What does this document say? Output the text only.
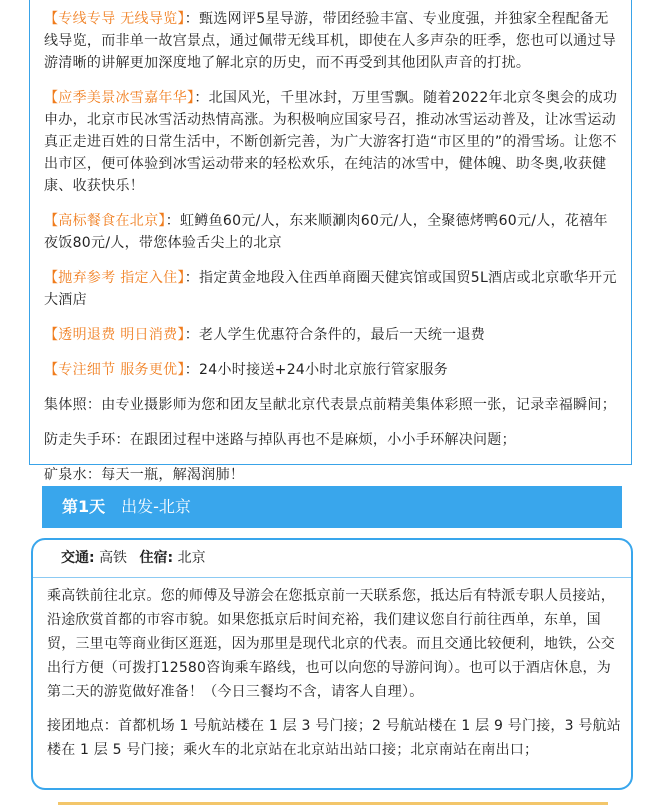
【专线专导 无线导览】：甄选网评5星导游，带团经验丰富、专业度强，并独家全程配备无线导览，而非单一故宫景点，通过佩带无线耳机，即使在人多声杂的旺季，您也可以通过导游清晰的讲解更加深度地了解北京的历史，而不再受到其他团队声音的打扰。
【应季美景冰雪嘉年华】：北国风光，千里冰封，万里雪飘。随着2022年北京冬奥会的成功申办，北京市民冰雪活动热情高涨。为积极响应国家号召，推动冰雪运动普及，让冰雪运动真正走进百姓的日常生活中，不断创新完善，为广大游客打造“市区里的”的滑雪场。让您不出市区，便可体验到冰雪运动带来的轻松欢乐，在纯洁的冰雪中，健体魄、助冬奥,收获健康、收获快乐！
【高标餐食在北京】：虹鳟鱼60元/人，东来顺涮肉60元/人，全聚德烤鸭60元/人，花禧年夜饭80元/人，带您体验舌尖上的北京
【抛弃参考 指定入住】：指定黄金地段入住西单商圈天健宾馆或国贸5L酒店或北京歌华开元大酒店
【透明退费 明日消费】：老人学生优惠符合条件的，最后一天统一退费
【专注细节 服务更优】：24小时接送+24小时北京旅行管家服务
集体照：由专业摄影师为您和团友呈献北京代表景点前精美集体彩照一张，记录幸福瞬间；
防走失手环：在跟团过程中迷路与掉队再也不是麻烦，小小手环解决问题；
矿泉水：每天一瓶，解渴润肺！
第1天 出发-北京
交通: 高铁 住宿: 北京

乘高铁前往北京。您的师傅及导游会在您抵京前一天联系您，抵达后有特派专职人员接站，沿途欣赏首都的市容市貌。如果您抵京后时间充裕，我们建议您自行前往西单，东单，国贸，三里屯等商业街区逛逛，因为那里是现代北京的代表。而且交通比较便利，地铁，公交出行方便（可拨打12580咨询乘车路线，也可以向您的导游问询）。也可以于酒店休息，为第二天的游览做好准备！（今日三餐均不含，请客人自理）。

接团地点：首都机场 1 号航站楼在 1 层 3 号门接；2 号航站楼在 1 层 9 号门接，3 号航站楼在 1 层 5 号门接；乘火车的北京站在北京站出站口接；北京南站在南出口；
